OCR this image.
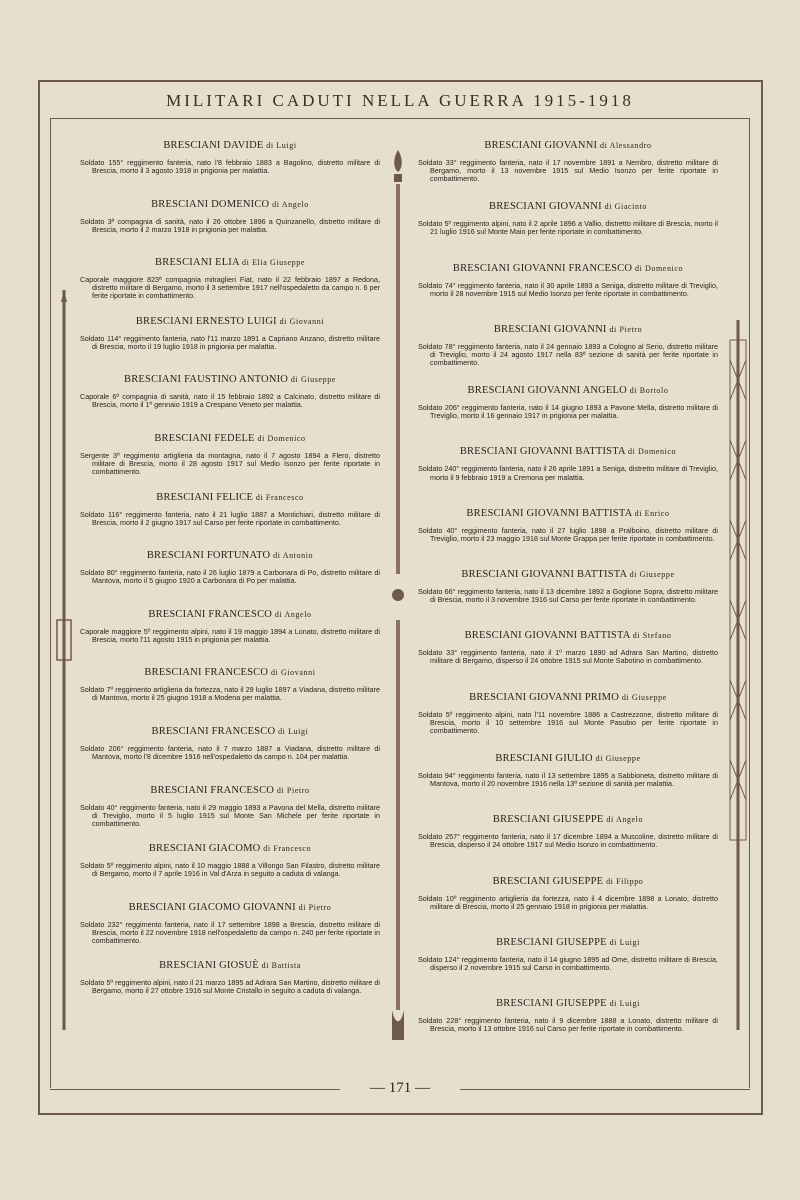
MILITARI CADUTI NELLA GUERRA 1915-1918
BRESCIANI DAVIDE di Luigi
Soldato 155° reggimento fanteria, nato l'8 febbraio 1883 a Bagolino, distretto militare di Brescia, morto il 3 agosto 1918 in prigionia per malattia.
BRESCIANI DOMENICO di Angelo
Soldato 3ª compagnia di sanità, nato il 26 ottobre 1896 a Quinzanello, distretto militare di Brescia, morto il 2 marzo 1918 in prigionia per malattia.
BRESCIANI ELIA di Elia Giuseppe
Caporale maggiore 823ª compagnia mitraglieri Fiat, nato il 22 febbraio 1897 a Redona, distretto militare di Bergamo, morto il 3 settembre 1917 nell'ospedaletto da campo n. 6 per ferite riportate in combattimento.
BRESCIANI ERNESTO LUIGI di Giovanni
Soldato 114° reggimento fanteria, nato l'11 marzo 1891 a Capriano Anzano, distretto militare di Brescia, morto il 19 luglio 1918 in prigionia per malattia.
BRESCIANI FAUSTINO ANTONIO di Giuseppe
Caporale 6ª compagnia di sanità, nato il 15 febbraio 1892 a Calcinato, distretto militare di Brescia, morto il 1º gennaio 1919 a Crespano Veneto per malattia.
BRESCIANI FEDELE di Domenico
Sergente 3º reggimento artiglieria da montagna, nato il 7 agosto 1894 a Flero, distretto militare di Brescia, morto il 28 agosto 1917 sul Medio Isonzo per ferite riportate in combattimento.
BRESCIANI FELICE di Francesco
Soldato 116° reggimento fanteria, nato il 21 luglio 1887 a Montichiari, distretto militare di Brescia, morto il 2 giugno 1917 sul Carso per ferite riportate in combattimento.
BRESCIANI FORTUNATO di Antonio
Soldato 80° reggimento fanteria, nato il 26 luglio 1879 a Carbonara di Po, distretto militare di Mantova, morto il 5 giugno 1920 a Carbonara di Po per malattia.
BRESCIANI FRANCESCO di Angelo
Caporale maggiore 5º reggimento alpini, nato il 19 maggio 1894 a Lonato, distretto militare di Brescia, morto l'11 agosto 1915 in prigionia per malattia.
BRESCIANI FRANCESCO di Giovanni
Soldato 7º reggimento artiglieria da fortezza, nato il 29 luglio 1897 a Viadana, distretto militare di Mantova, morto il 25 giugno 1918 a Modena per malattia.
BRESCIANI FRANCESCO di Luigi
Soldato 206° reggimento fanteria, nato il 7 marzo 1887 a Viadana, distretto militare di Mantova, morto l'8 dicembre 1916 nell'ospedaletto da campo n. 104 per malattia.
BRESCIANI FRANCESCO di Pietro
Soldato 40° reggimento fanteria, nato il 29 maggio 1893 a Pavona del Mella, distretto militare di Treviglio, morto il 5 luglio 1915 sul Monte San Michele per ferite riportate in combattimento.
BRESCIANI GIACOMO di Francesco
Soldato 5º reggimento alpini, nato il 10 maggio 1888 a Villongo San Filastro, distretto militare di Bergamo, morto il 7 aprile 1916 in Val d'Arza in seguito a caduta di valanga.
BRESCIANI GIACOMO GIOVANNI di Pietro
Soldato 232° reggimento fanteria, nato il 17 settembre 1898 a Brescia, distretto militare di Brescia, morto il 22 novembre 1918 nell'ospedaletto da campo n. 240 per ferite riportate in combattimento.
BRESCIANI GIOSUÈ di Battista
Soldato 5º reggimento alpini, nato il 21 marzo 1895 ad Adrara San Martino, distretto militare di Bergamo, morto il 27 ottobre 1916 sul Monte Cristallo in seguito a caduta di valanga.
BRESCIANI GIOVANNI di Alessandro
Soldato 33° reggimento fanteria, nato il 17 novembre 1891 a Nembro, distretto militare di Bergamo, morto il 13 novembre 1915 sul Medio Isonzo per ferite riportate in combattimento.
BRESCIANI GIOVANNI di Giacinto
Soldato 5º reggimento alpini, nato il 2 aprile 1896 a Vallio, distretto militare di Brescia, morto il 21 luglio 1916 sul Monte Maio per ferite riportate in combattimento.
BRESCIANI GIOVANNI FRANCESCO di Domenico
Soldato 74° reggimento fanteria, nato il 30 aprile 1893 a Seniga, distretto militare di Treviglio, morto il 28 novembre 1915 sul Medio Isonzo per ferite riportate in combattimento.
BRESCIANI GIOVANNI di Pietro
Soldato 78° reggimento fanteria, nato il 24 gennaio 1893 a Cologno al Serio, distretto militare di Treviglio, morto il 24 agosto 1917 nella 83ª sezione di sanità per ferite riportate in combattimento.
BRESCIANI GIOVANNI ANGELO di Bortolo
Soldato 206° reggimento fanteria, nato il 14 giugno 1893 a Pavone Mella, distretto militare di Treviglio, morto il 16 gennaio 1917 in prigionia per malattia.
BRESCIANI GIOVANNI BATTISTA di Domenico
Soldato 240° reggimento fanteria, nato il 26 aprile 1891 a Seniga, distretto militare di Treviglio, morto il 9 febbraio 1919 a Cremona per malattia.
BRESCIANI GIOVANNI BATTISTA di Enrico
Soldato 40° reggimento fanteria, nato il 27 luglio 1898 a Pralboino, distretto militare di Treviglio, morto il 23 maggio 1918 sul Monte Grappa per ferite riportate in combattimento.
BRESCIANI GIOVANNI BATTISTA di Giuseppe
Soldato 66° reggimento fanteria, nato il 13 dicembre 1892 a Goglione Sopra, distretto militare di Brescia, morto il 3 novembre 1916 sul Carso per ferite riportate in combattimento.
BRESCIANI GIOVANNI BATTISTA di Stefano
Soldato 33° reggimento fanteria, nato il 1º marzo 1890 ad Adrara San Martino, distretto militare di Bergamo, disperso il 24 ottobre 1915 sul Monte Sabotino in combattimento.
BRESCIANI GIOVANNI PRIMO di Giuseppe
Soldato 5º reggimento alpini, nato l'11 novembre 1886 a Castrezzone, distretto militare di Brescia, morto il 10 settembre 1916 sul Monte Pasubio per ferite riportate in combattimento.
BRESCIANI GIULIO di Giuseppe
Soldato 94° reggimento fanteria, nato il 13 settembre 1895 a Sabbioneta, distretto militare di Mantova, morto il 20 novembre 1916 nella 13ª sezione di sanità per malattia.
BRESCIANI GIUSEPPE di Angelo
Soldato 257° reggimento fanteria, nato il 17 dicembre 1894 a Muscoline, distretto militare di Brescia, disperso il 24 ottobre 1917 sul Medio Isonzo in combattimento.
BRESCIANI GIUSEPPE di Filippo
Soldato 10º reggimento artiglieria da fortezza, nato il 4 dicembre 1898 a Lonato, distretto militare di Brescia, morto il 25 gennaio 1918 in prigionia per malattia.
BRESCIANI GIUSEPPE di Luigi
Soldato 124° reggimento fanteria, nato il 14 giugno 1895 ad Ome, distretto militare di Brescia, disperso il 2 novembre 1915 sul Carso in combattimento.
BRESCIANI GIUSEPPE di Luigi
Soldato 228° reggimento fanteria, nato il 9 dicembre 1888 a Lonato, distretto militare di Brescia, morto il 13 ottobre 1916 sul Carso per ferite riportate in combattimento.
— 171 —
